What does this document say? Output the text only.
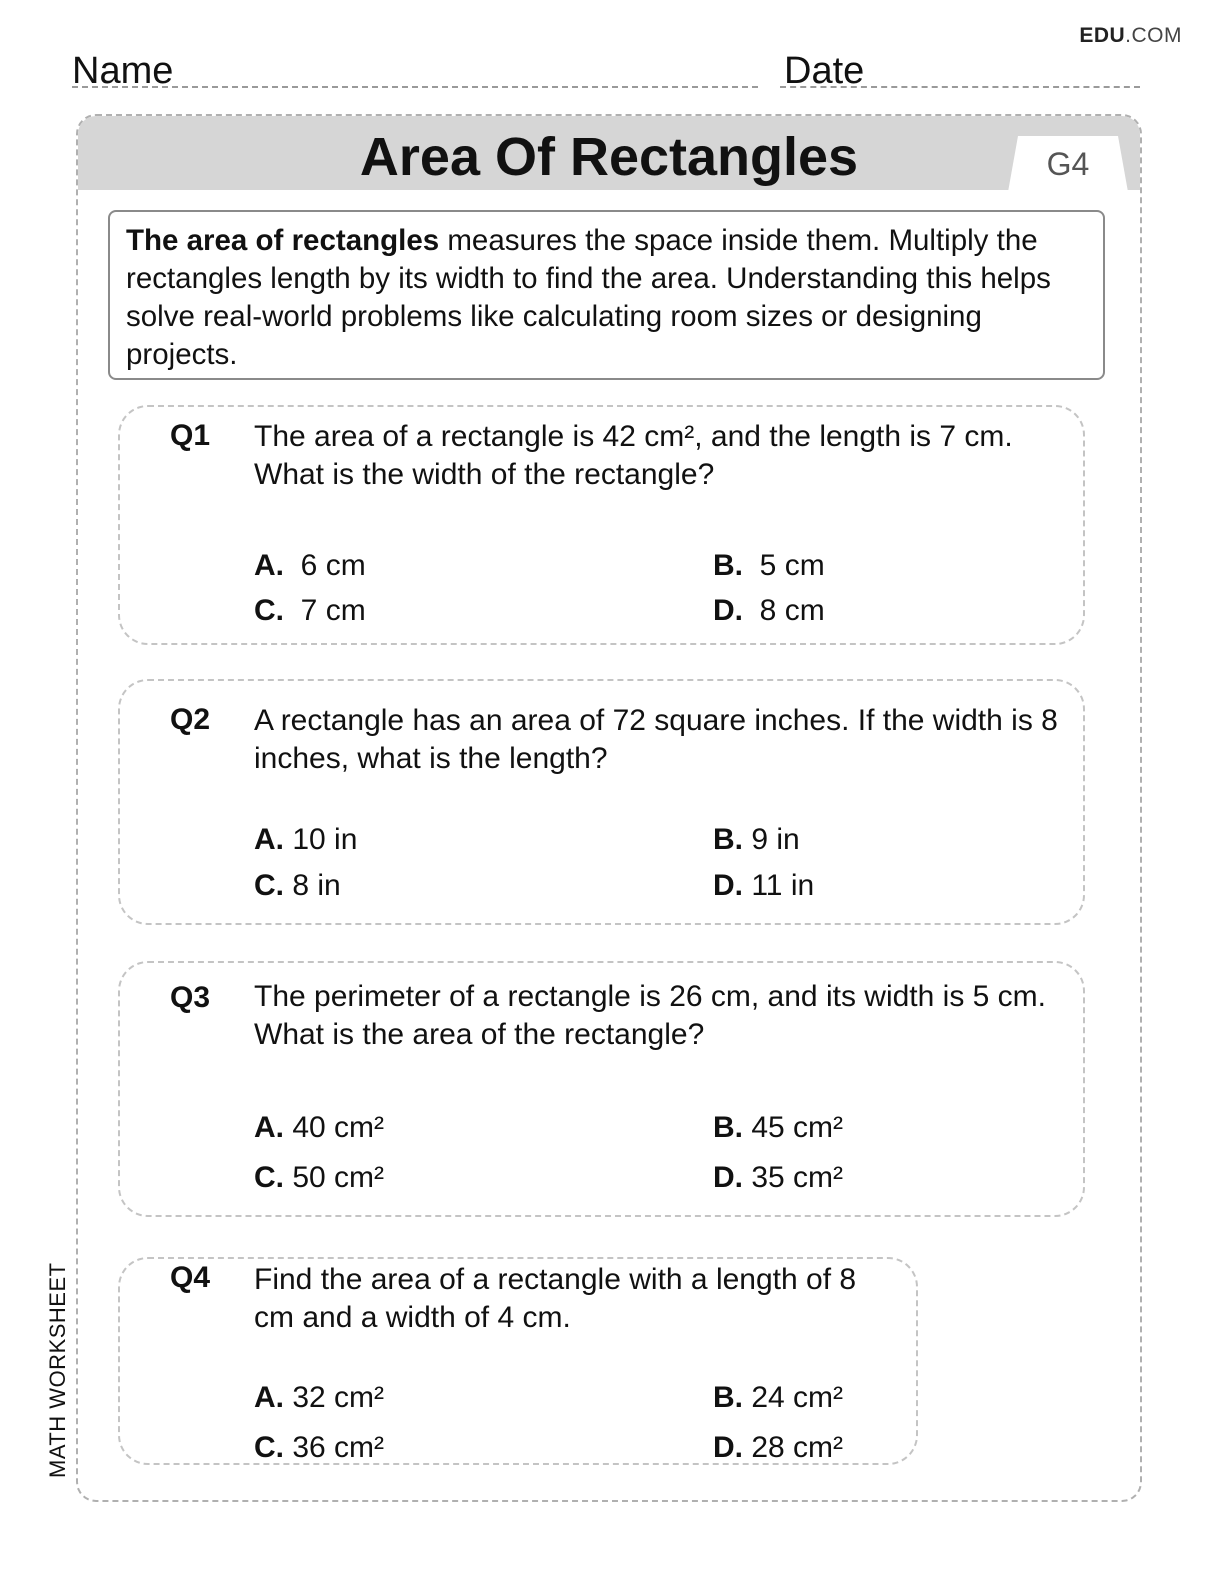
EDU.COM
Name	Date
Area Of Rectangles	G4
The area of rectangles measures the space inside them. Multiply the rectangles length by its width to find the area. Understanding this helps solve real-world problems like calculating room sizes or designing projects.
Q1 The area of a rectangle is 42 cm², and the length is 7 cm. What is the width of the rectangle?
A. 6 cm	B. 5 cm
C. 7 cm	D. 8 cm
Q2 A rectangle has an area of 72 square inches. If the width is 8 inches, what is the length?
A. 10 in	B. 9 in
C. 8 in	D. 11 in
Q3 The perimeter of a rectangle is 26 cm, and its width is 5 cm. What is the area of the rectangle?
A. 40 cm²	B. 45 cm²
C. 50 cm²	D. 35 cm²
Q4 Find the area of a rectangle with a length of 8 cm and a width of 4 cm.
A. 32 cm²	B. 24 cm²
C. 36 cm²	D. 28 cm²
MATH WORKSHEET
